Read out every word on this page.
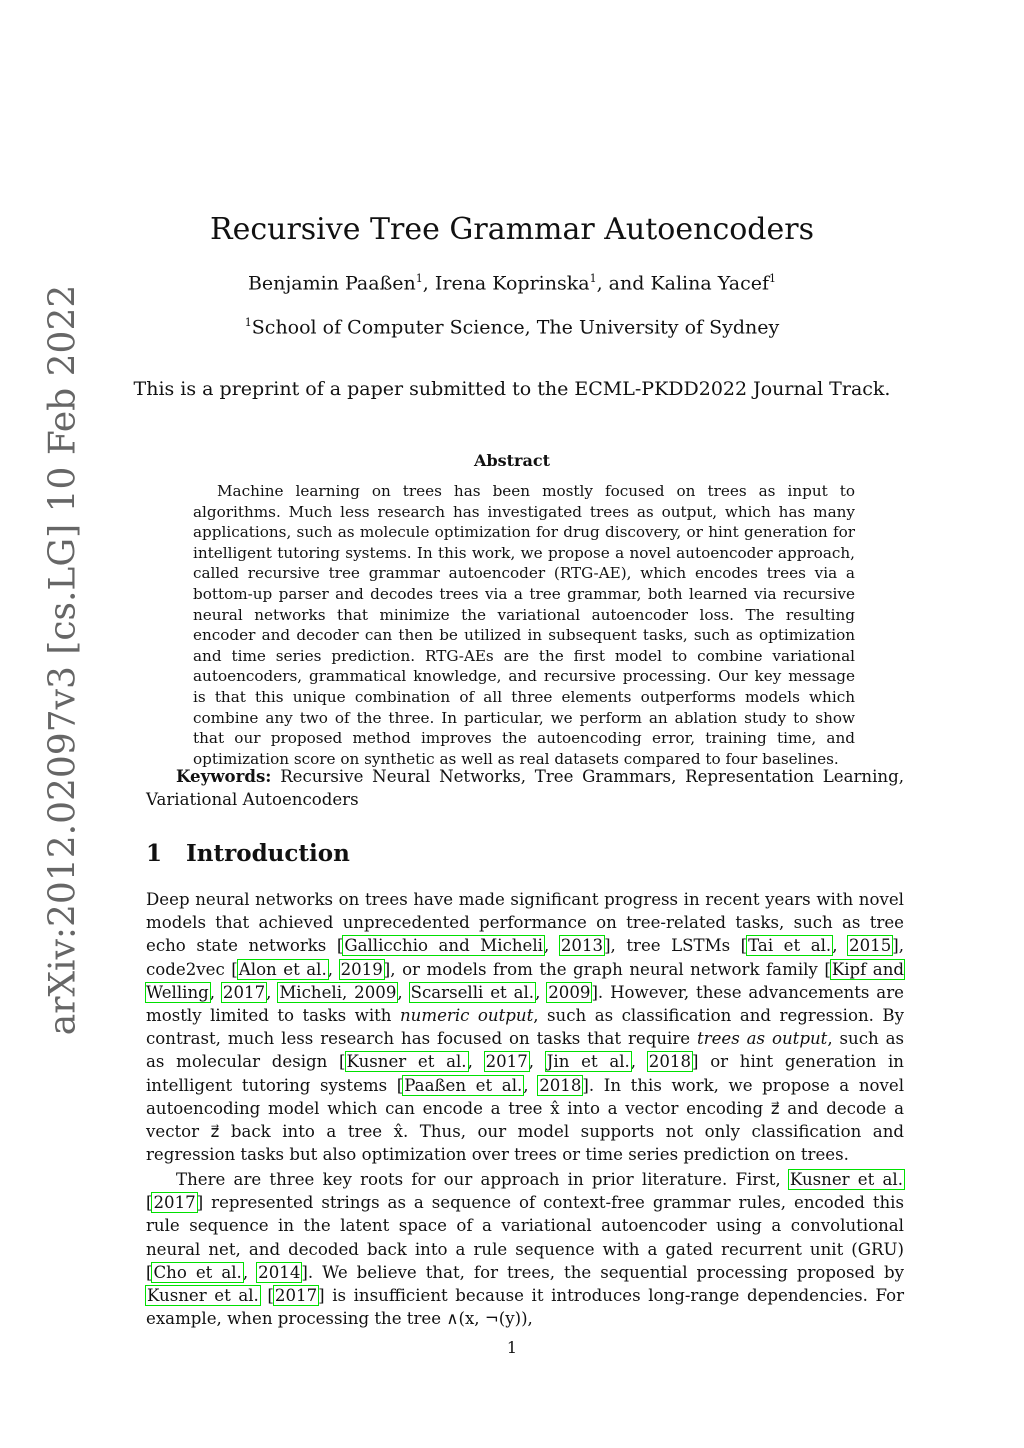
arXiv:2012.02097v3 [cs.LG] 10 Feb 2022
Recursive Tree Grammar Autoencoders
Benjamin Paaßen$^1$, Irena Koprinska$^1$, and Kalina Yacef$^1$
$^1$School of Computer Science, The University of Sydney
This is a preprint of a paper submitted to the ECML-PKDD2022 Journal Track.
Abstract
Machine learning on trees has been mostly focused on trees as input to algorithms. Much less research has investigated trees as output, which has many applications, such as molecule optimization for drug discovery, or hint generation for intelligent tutoring systems. In this work, we propose a novel autoencoder approach, called recursive tree grammar autoencoder (RTG-AE), which encodes trees via a bottom-up parser and decodes trees via a tree grammar, both learned via recursive neural networks that minimize the variational autoencoder loss. The resulting encoder and decoder can then be utilized in subsequent tasks, such as optimization and time series prediction. RTG-AEs are the first model to combine variational autoencoders, grammatical knowledge, and recursive processing. Our key message is that this unique combination of all three elements outperforms models which combine any two of the three. In particular, we perform an ablation study to show that our proposed method improves the autoencoding error, training time, and optimization score on synthetic as well as real datasets compared to four baselines.
Keywords: Recursive Neural Networks, Tree Grammars, Representation Learning, Variational Autoencoders
1 Introduction
Deep neural networks on trees have made significant progress in recent years with novel models that achieved unprecedented performance on tree-related tasks, such as tree echo state networks [Gallicchio and Micheli, 2013], tree LSTMs [Tai et al., 2015], code2vec [Alon et al., 2019], or models from the graph neural network family [Kipf and Welling, 2017, Micheli, 2009, Scarselli et al., 2009]. However, these advancements are mostly limited to tasks with numeric output, such as classification and regression. By contrast, much less research has focused on tasks that require trees as output, such as as molecular design [Kusner et al., 2017, Jin et al., 2018] or hint generation in intelligent tutoring systems [Paaßen et al., 2018]. In this work, we propose a novel autoencoding model which can encode a tree x̂ into a vector encoding z⃗ and decode a vector z⃗ back into a tree x̂. Thus, our model supports not only classification and regression tasks but also optimization over trees or time series prediction on trees.
There are three key roots for our approach in prior literature. First, Kusner et al. [2017] represented strings as a sequence of context-free grammar rules, encoded this rule sequence in the latent space of a variational autoencoder using a convolutional neural net, and decoded back into a rule sequence with a gated recurrent unit (GRU) [Cho et al., 2014]. We believe that, for trees, the sequential processing proposed by Kusner et al. [2017] is insufficient because it introduces long-range dependencies. For example, when processing the tree ∧(x, ¬(y)),
1
